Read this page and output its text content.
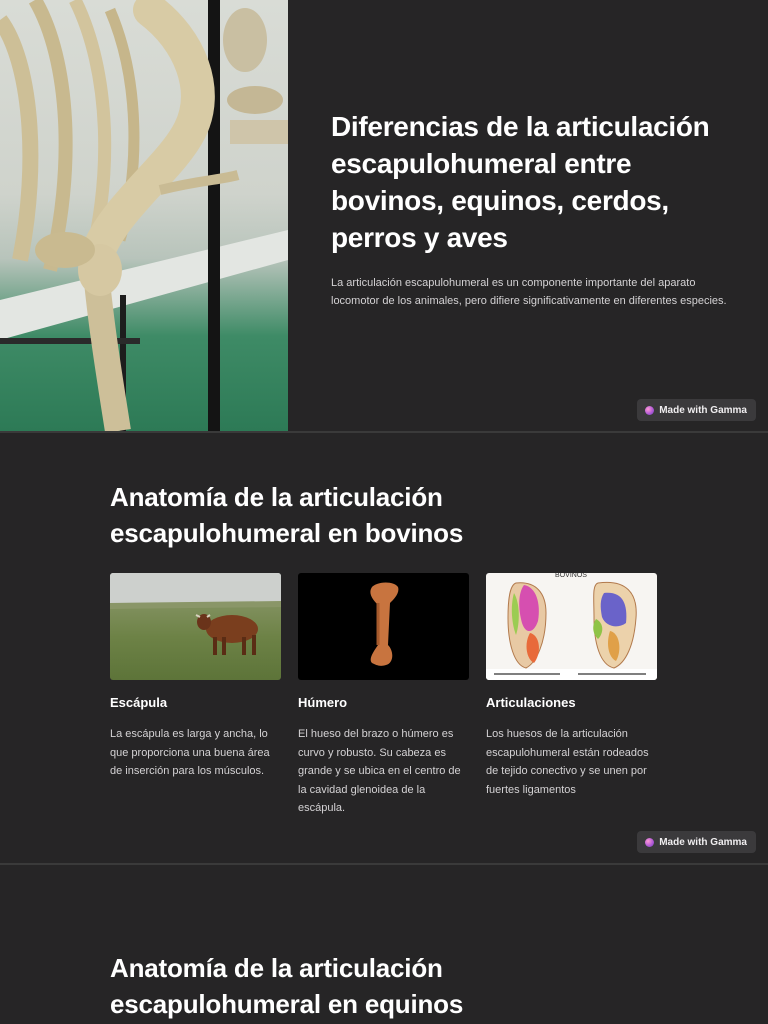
Diferencias de la articulación escapulohumeral entre bovinos, equinos, cerdos, perros y aves

La articulación escapulohumeral es un componente importante del aparato locomotor de los animales, pero difiere significativamente en diferentes especies.

Made with Gamma
Anatomía de la articulación escapulohumeral en bovinos
Escápula

La escápula es larga y ancha, lo que proporciona una buena área de inserción para los músculos.

Húmero

El hueso del brazo o húmero es curvo y robusto. Su cabeza es grande y se ubica en el centro de la cavidad glenoidea de la escápula.

BOVINOS
Articulaciones

Los huesos de la articulación escapulohumeral están rodeados de tejido conectivo y se unen por fuertes ligamentos

Made with Gamma
Anatomía de la articulación escapulohumeral en equinos
